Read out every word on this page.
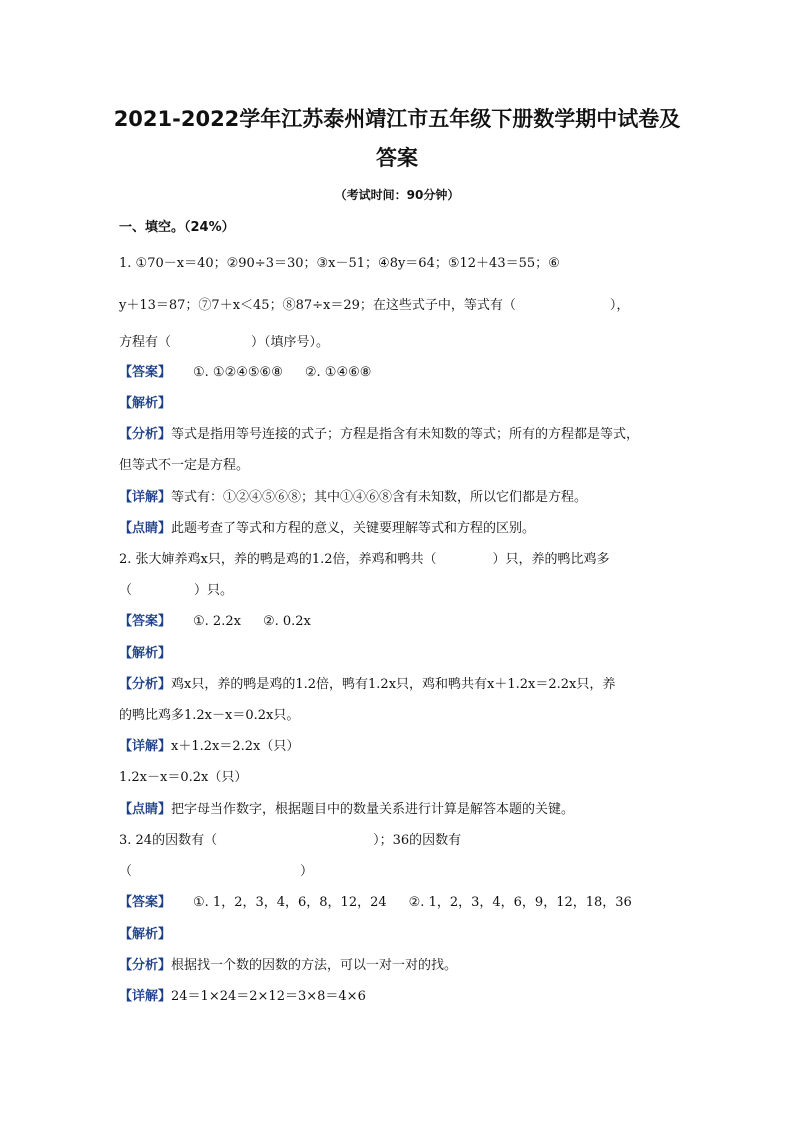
2021-2022学年江苏泰州靖江市五年级下册数学期中试卷及
答案
（考试时间：90分钟）
一、填空。（24%）
1. ①70－x＝40；②90÷3＝30；③x－51；④8y＝64；⑤12＋43＝55；⑥
y＋13＝87；⑦7＋x＜45；⑧87÷x＝29；在这些式子中，等式有（	），
方程有（	）（填序号）。
【答案】 ①. ①②④⑤⑥⑧ ②. ①④⑥⑧
【解析】
【分析】等式是指用等号连接的式子；方程是指含有未知数的等式；所有的方程都是等式，
但等式不一定是方程。
【详解】等式有：①②④⑤⑥⑧；其中①④⑥⑧含有未知数，所以它们都是方程。
【点睛】此题考查了等式和方程的意义，关键要理解等式和方程的区别。
2. 张大婶养鸡x只，养的鸭是鸡的1.2倍，养鸡和鸭共（	）只，养的鸭比鸡多
（	）只。
【答案】 ①. 2.2x ②. 0.2x
【解析】
【分析】鸡x只，养的鸭是鸡的1.2倍，鸭有1.2x只，鸡和鸭共有x＋1.2x＝2.2x只，养
的鸭比鸡多1.2x－x＝0.2x只。
【详解】x＋1.2x＝2.2x（只）
1.2x－x＝0.2x（只）
【点睛】把字母当作数字，根据题目中的数量关系进行计算是解答本题的关键。
3. 24的因数有（	）；36的因数有
（	）
【答案】 ①. 1，2，3，4，6，8，12，24 ②. 1，2，3，4，6，9，12，18，36
【解析】
【分析】根据找一个数的因数的方法，可以一对一对的找。
【详解】24＝1×24＝2×12＝3×8＝4×6
